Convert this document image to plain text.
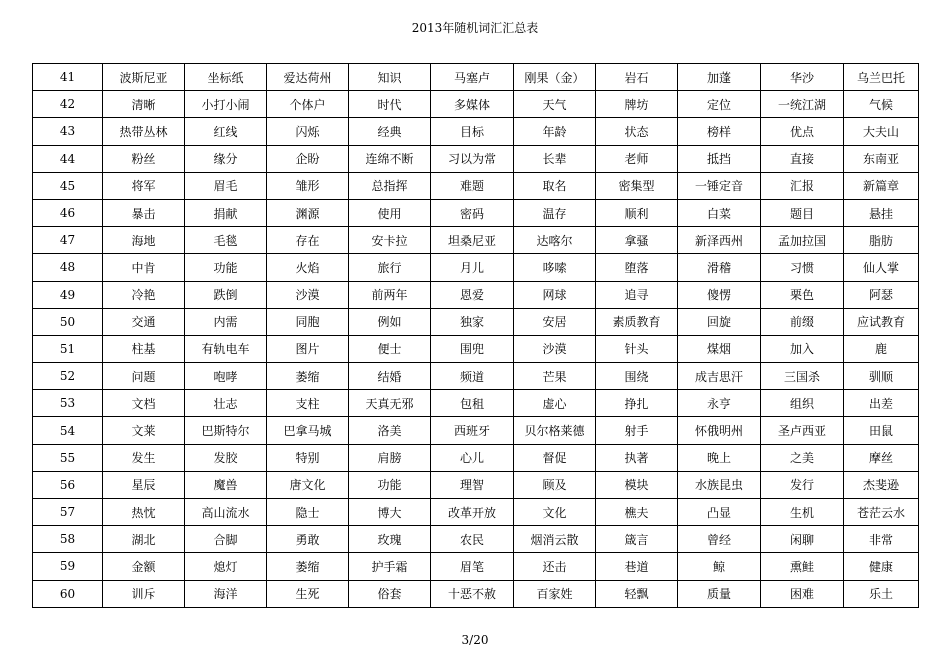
2013年随机词汇汇总表
41	波斯尼亚	坐标纸	爱达荷州	知识	马塞卢	刚果（金）	岩石	加蓬	华沙	乌兰巴托
42	清晰	小打小闹	个体户	时代	多媒体	天气	牌坊	定位	一统江湖	气候
43	热带丛林	红线	闪烁	经典	目标	年龄	状态	榜样	优点	大夫山
44	粉丝	缘分	企盼	连绵不断	习以为常	长辈	老师	抵挡	直接	东南亚
45	将军	眉毛	雏形	总指挥	难题	取名	密集型	一锤定音	汇报	新篇章
46	暴击	捐献	渊源	使用	密码	温存	顺利	白菜	题目	悬挂
47	海地	毛毯	存在	安卡拉	坦桑尼亚	达喀尔	拿骚	新泽西州	孟加拉国	脂肪
48	中肯	功能	火焰	旅行	月儿	哆嗦	堕落	滑稽	习惯	仙人掌
49	冷艳	跌倒	沙漠	前两年	恩爱	网球	追寻	傻愣	栗色	阿瑟
50	交通	内需	同胞	例如	独家	安居	素质教育	回旋	前缀	应试教育
51	柱基	有轨电车	图片	便士	围兜	沙漠	针头	煤烟	加入	鹿
52	问题	咆哮	萎缩	结婚	频道	芒果	围绕	成吉思汗	三国杀	驯顺
53	文档	壮志	支柱	天真无邪	包租	虚心	挣扎	永亨	组织	出差
54	文莱	巴斯特尔	巴拿马城	洛美	西班牙	贝尔格莱德	射手	怀俄明州	圣卢西亚	田鼠
55	发生	发胶	特别	肩膀	心儿	督促	执著	晚上	之美	摩丝
56	星辰	魔兽	唐文化	功能	理智	顾及	模块	水族昆虫	发行	杰斐逊
57	热忱	高山流水	隐士	博大	改革开放	文化	樵夫	凸显	生机	苍茫云水
58	湖北	合脚	勇敢	玫瑰	农民	烟消云散	箴言	曾经	闲聊	非常
59	金额	熄灯	萎缩	护手霜	眉笔	还击	巷道	鲸	熏鲑	健康
60	训斥	海洋	生死	俗套	十恶不赦	百家姓	轻飘	质量	困难	乐土
3/20
